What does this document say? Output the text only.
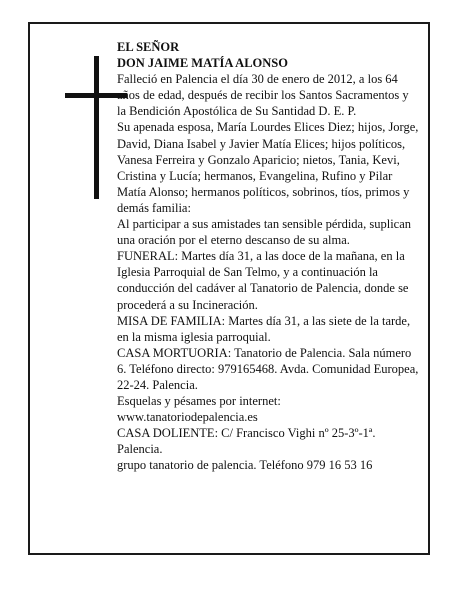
EL SEÑOR

DON JAIME MATÍA ALONSO

Falleció en Palencia el día 30 de enero de 2012, a los 64 años de edad, después de recibir los Santos Sacramentos y la Bendición Apostólica de Su Santidad D. E. P.

Su apenada esposa, María Lourdes Elices Diez; hijos, Jorge, David, Diana Isabel y Javier Matía Elices; hijos políticos, Vanesa Ferreira y Gonzalo Aparicio; nietos, Tania, Kevi, Cristina y Lucía; hermanos, Evangelina, Rufino y Pilar Matía Alonso; hermanos políticos, sobrinos, tíos, primos y demás familia:

Al participar a sus amistades tan sensible pérdida, suplican una oración por el eterno descanso de su alma.

FUNERAL: Martes día 31, a las doce de la mañana, en la Iglesia Parroquial de San Telmo, y a continuación la conducción del cadáver al Tanatorio de Palencia, donde se procederá a su Incineración.

MISA DE FAMILIA: Martes día 31, a las siete de la tarde, en la misma iglesia parroquial.

CASA MORTUORIA: Tanatorio de Palencia. Sala número 6. Teléfono directo: 979165468. Avda. Comunidad Europea, 22-24. Palencia.

Esquelas y pésames por internet: www.tanatoriodepalencia.es

CASA DOLIENTE: C/ Francisco Vighi nº 25-3º-1ª. Palencia.

grupo tanatorio de palencia. Teléfono 979 16 53 16
